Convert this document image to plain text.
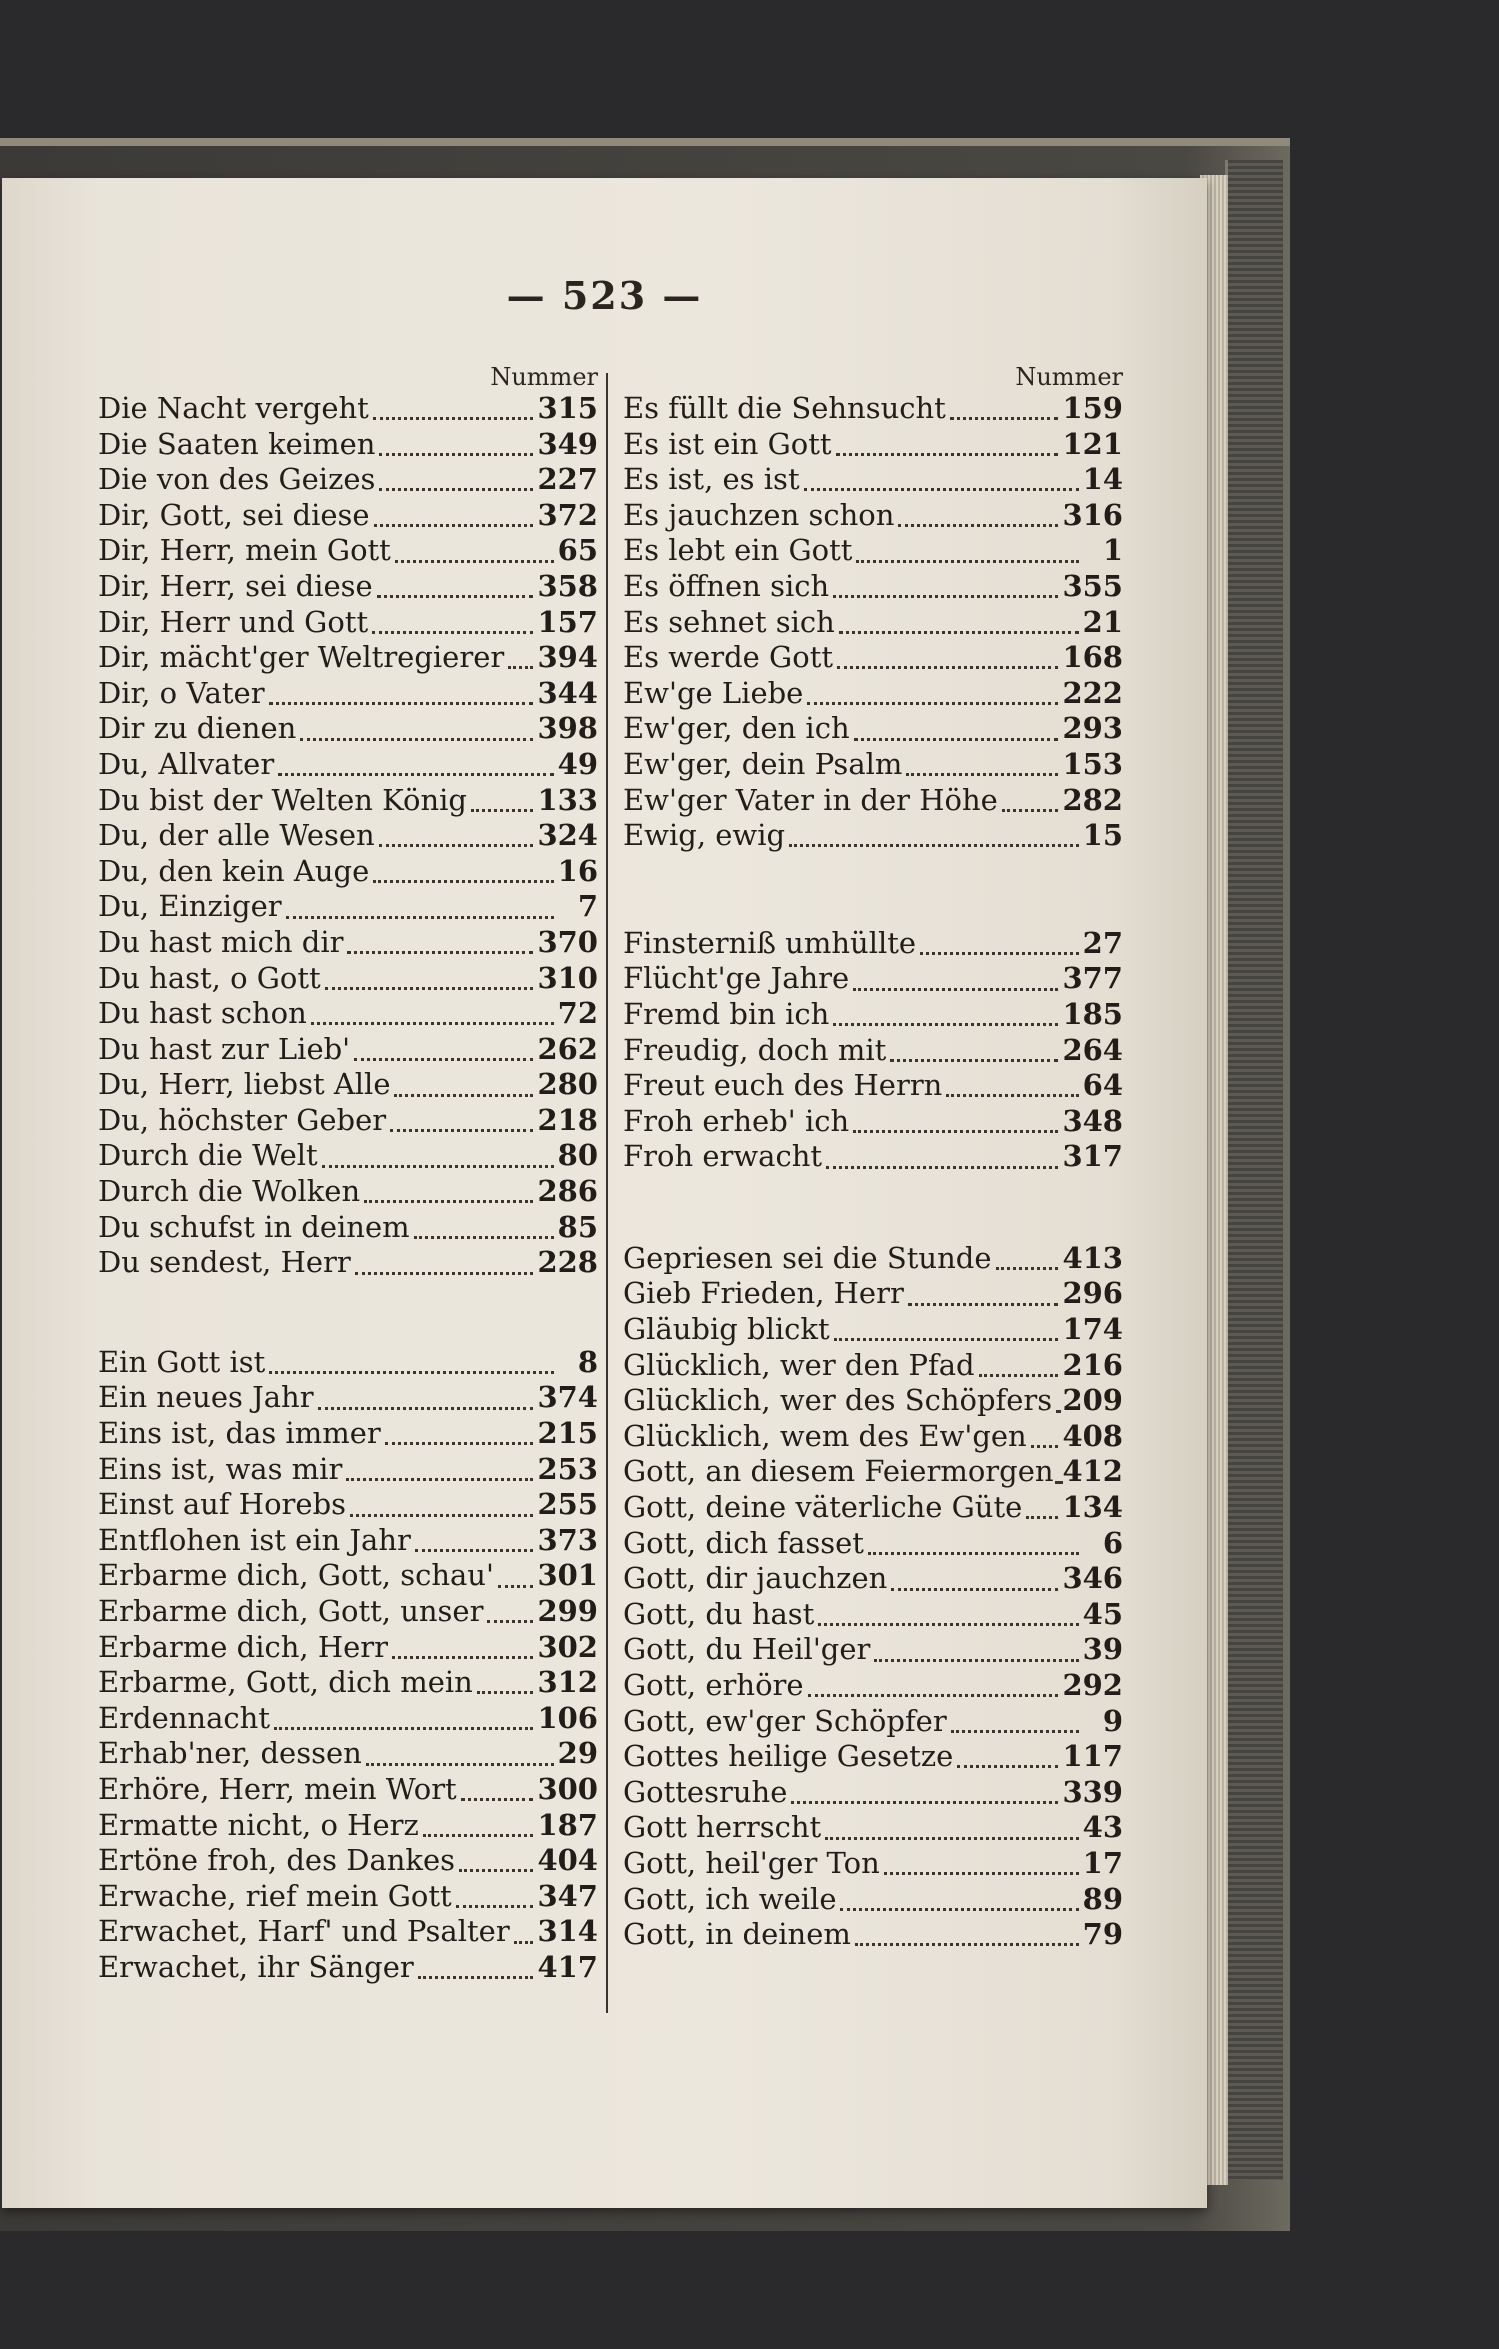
— 523 —
Nummer
Die Nacht vergeht	315
Die Saaten keimen	349
Die von des Geizes	227
Dir, Gott, sei diese	372
Dir, Herr, mein Gott	65
Dir, Herr, sei diese	358
Dir, Herr und Gott	157
Dir, mächt'ger Weltregierer 394
Dir, o Vater	344
Dir zu dienen	398
Du, Allvater	49
Du bist der Welten König 133
Du, der alle Wesen	324
Du, den kein Auge	16
Du, Einziger	7
Du hast mich dir	370
Du hast, o Gott	310
Du hast schon	72
Du hast zur Lieb'	262
Du, Herr, liebst Alle	280
Du, höchster Geber	218
Durch die Welt	80
Durch die Wolken	286
Du schufst in deinem	85
Du sendest, Herr	228
Ein Gott ist	8
Ein neues Jahr	374
Eins ist, das immer	215
Eins ist, was mir	253
Einst auf Horebs	255
Entflohen ist ein Jahr	373
Erbarme dich, Gott, schau' 301
Erbarme dich, Gott, unser 299
Erbarme dich, Herr	302
Erbarme, Gott, dich mein 312
Erdennacht	106
Erhab'ner, dessen	29
Erhöre, Herr, mein Wort	300
Ermatte nicht, o Herz	187
Ertöne froh, des Dankes	404
Erwache, rief mein Gott	347
Erwachet, Harf' und Psalter 314
Erwachet, ihr Sänger	417
Nummer
Es füllt die Sehnsucht	159
Es ist ein Gott	121
Es ist, es ist	14
Es jauchzen schon	316
Es lebt ein Gott	1
Es öffnen sich	355
Es sehnet sich	21
Es werde Gott	168
Ew'ge Liebe	222
Ew'ger, den ich	293
Ew'ger, dein Psalm	153
Ew'ger Vater in der Höhe 282
Ewig, ewig	15
Finsterniß umhüllte	27
Flücht'ge Jahre	377
Fremd bin ich	185
Freudig, doch mit	264
Freut euch des Herrn	64
Froh erheb' ich	348
Froh erwacht	317
Gepriesen sei die Stunde 413
Gieb Frieden, Herr	296
Gläubig blickt	174
Glücklich, wer den Pfad	216
Glücklich, wer des Schöpfers 209
Glücklich, wem des Ew'gen 408
Gott, an diesem Feiermorgen 412
Gott, deine väterliche Güte 134
Gott, dich fasset	6
Gott, dir jauchzen	346
Gott, du hast	45
Gott, du Heil'ger	39
Gott, erhöre	292
Gott, ew'ger Schöpfer	9
Gottes heilige Gesetze	117
Gottesruhe	339
Gott herrscht	43
Gott, heil'ger Ton	17
Gott, ich weile	89
Gott, in deinem	79
